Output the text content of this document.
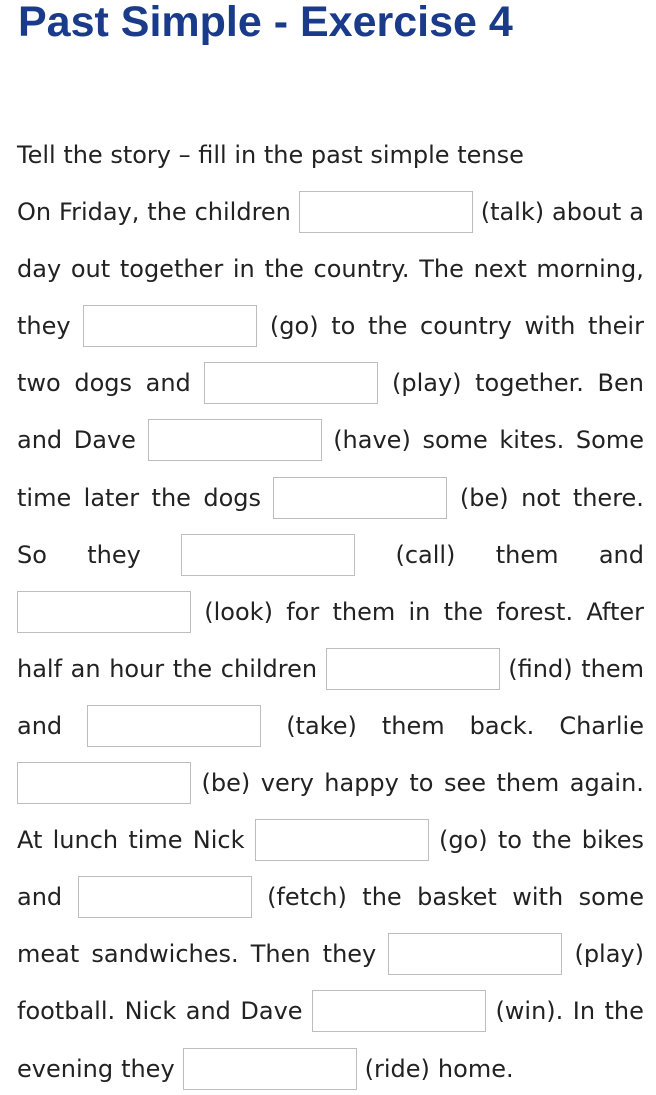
Past Simple - Exercise 4
Tell the story – fill in the past simple tense
On Friday, the children	(talk) about a
day out together in the country. The next morning,
they	(go) to the country with their
two dogs and	(play) together. Ben
and Dave	(have) some kites. Some
time later the dogs	(be) not there.
So they	(call) them and
(look) for them in the forest. After
half an hour the children	(find) them
and	(take) them back. Charlie
(be) very happy to see them again.
At lunch time Nick	(go) to the bikes
and	(fetch) the basket with some
meat sandwiches. Then they	(play)
football. Nick and Dave	(win). In the
evening they	(ride) home.
